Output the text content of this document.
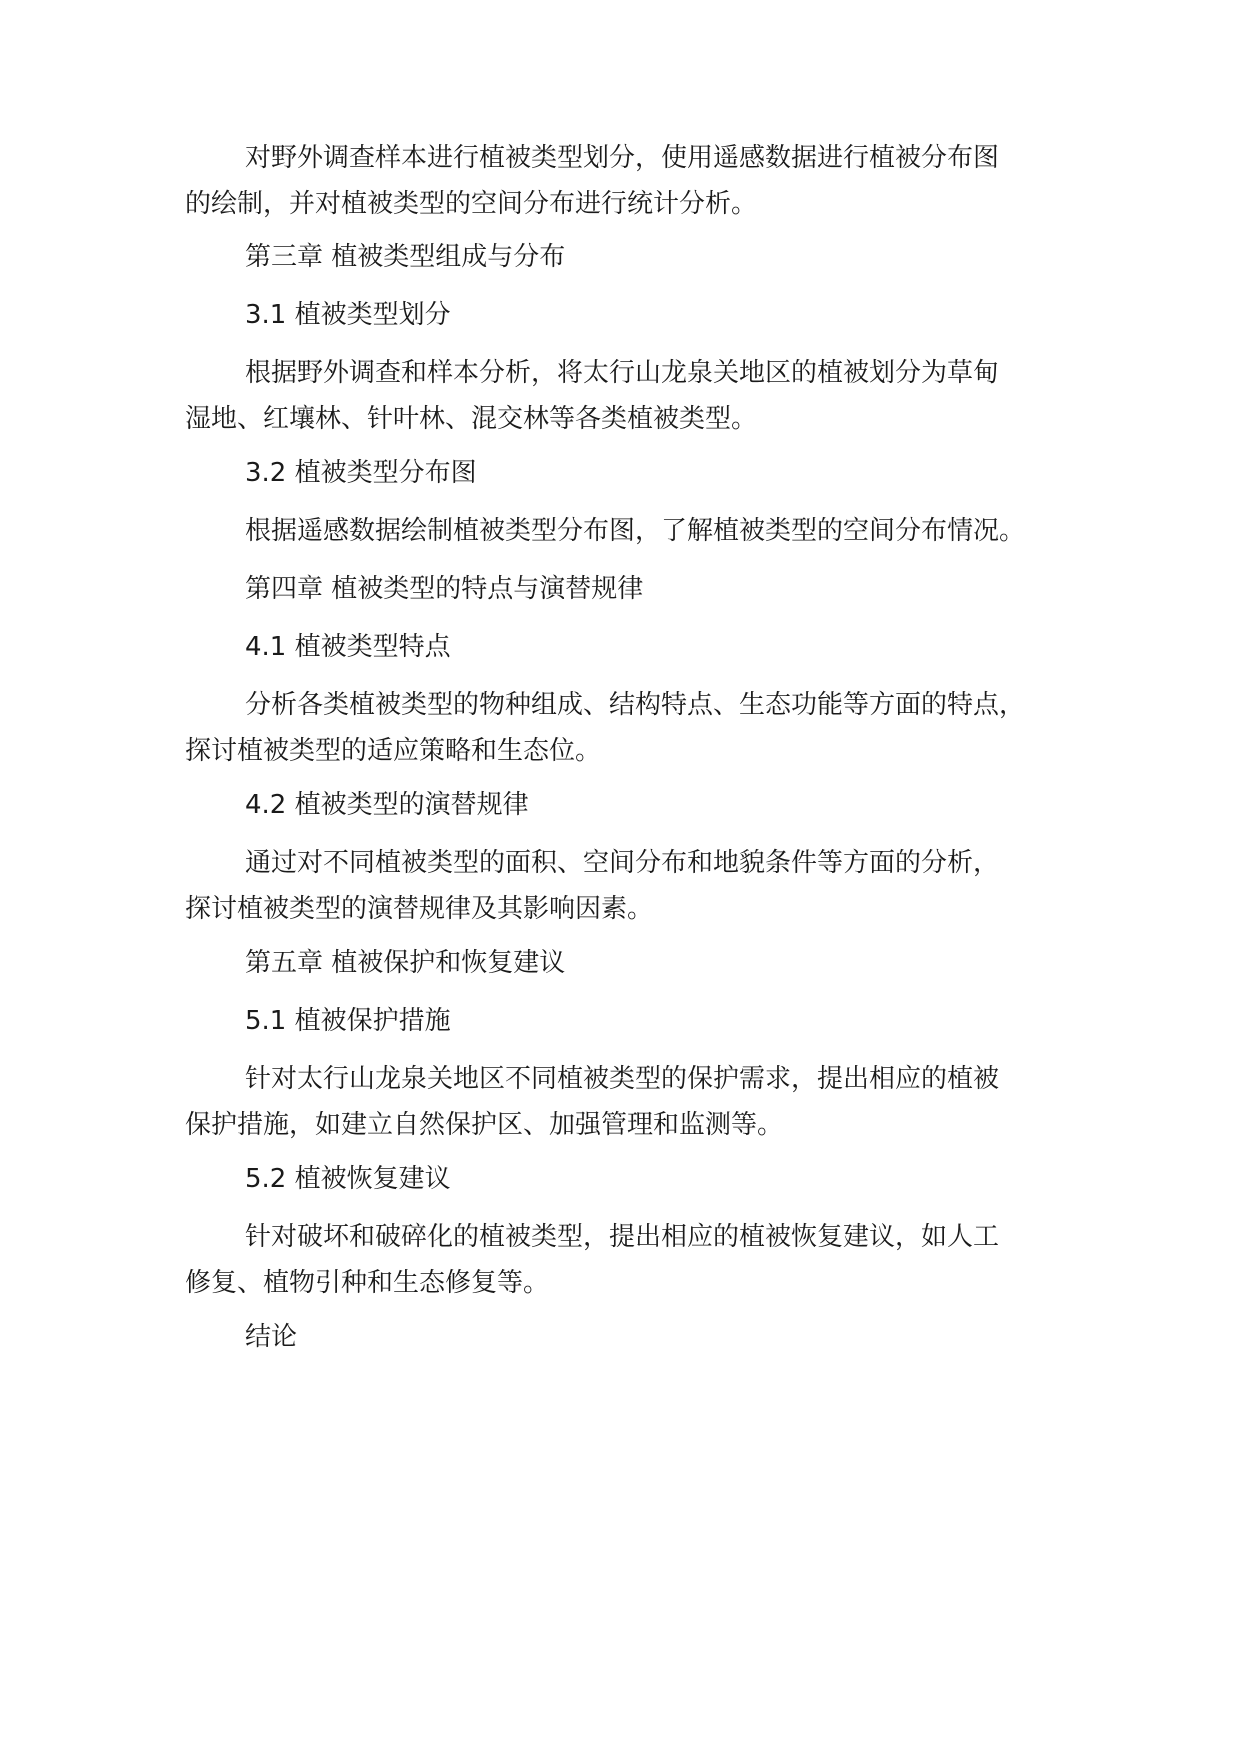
对野外调查样本进行植被类型划分，使用遥感数据进行植被分布图
的绘制，并对植被类型的空间分布进行统计分析。

第三章 植被类型组成与分布

3.1 植被类型划分

根据野外调查和样本分析，将太行山龙泉关地区的植被划分为草甸
湿地、红壤林、针叶林、混交林等各类植被类型。

3.2 植被类型分布图

根据遥感数据绘制植被类型分布图，了解植被类型的空间分布情况。

第四章 植被类型的特点与演替规律

4.1 植被类型特点

分析各类植被类型的物种组成、结构特点、生态功能等方面的特点，
探讨植被类型的适应策略和生态位。

4.2 植被类型的演替规律

通过对不同植被类型的面积、空间分布和地貌条件等方面的分析，
探讨植被类型的演替规律及其影响因素。

第五章 植被保护和恢复建议

5.1 植被保护措施

针对太行山龙泉关地区不同植被类型的保护需求，提出相应的植被
保护措施，如建立自然保护区、加强管理和监测等。

5.2 植被恢复建议

针对破坏和破碎化的植被类型，提出相应的植被恢复建议，如人工
修复、植物引种和生态修复等。

结论
